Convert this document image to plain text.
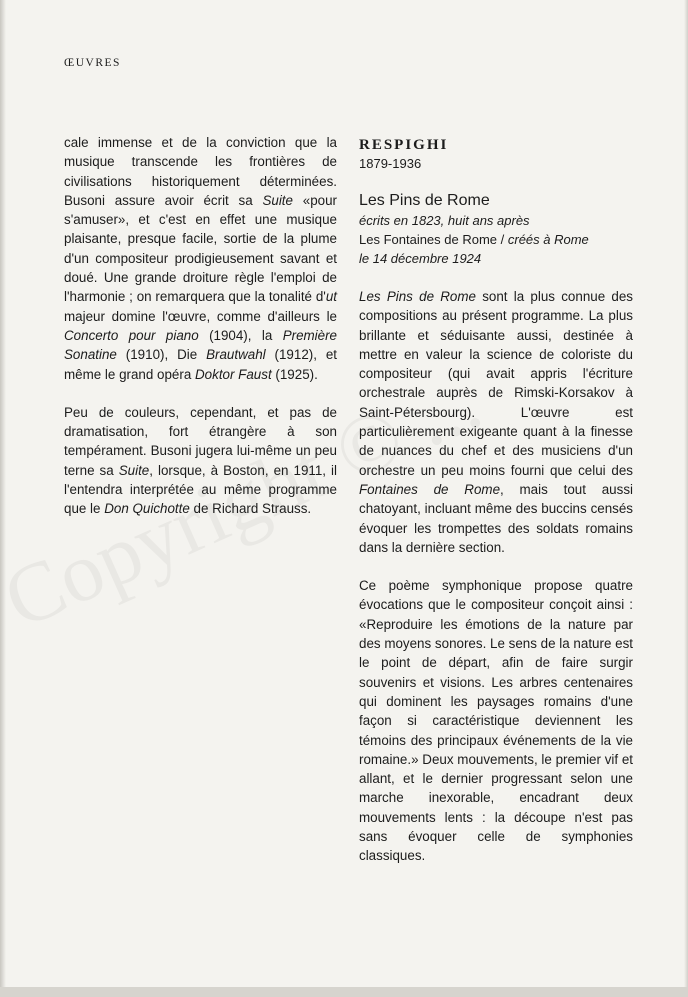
ŒUVRES

cale immense et de la conviction que la musique transcende les frontières de civilisations historiquement déterminées. Busoni assure avoir écrit sa Suite «pour s'amuser», et c'est en effet une musique plaisante, presque facile, sortie de la plume d'un compositeur prodigieusement savant et doué. Une grande droiture règle l'emploi de l'harmonie ; on remarquera que la tonalité d'ut majeur domine l'œuvre, comme d'ailleurs le Concerto pour piano (1904), la Première Sonatine (1910), Die Brautwahl (1912), et même le grand opéra Doktor Faust (1925).

Peu de couleurs, cependant, et pas de dramatisation, fort étrangère à son tempérament. Busoni jugera lui-même un peu terne sa Suite, lorsque, à Boston, en 1911, il l'entendra interprétée au même programme que le Don Quichotte de Richard Strauss.

RESPIGHI
1879-1936
Les Pins de Rome
écrits en 1823, huit ans après
Les Fontaines de Rome / créés à Rome
le 14 décembre 1924

Les Pins de Rome sont la plus connue des compositions au présent programme. La plus brillante et séduisante aussi, destinée à mettre en valeur la science de coloriste du compositeur (qui avait appris l'écriture orchestrale auprès de Rimski-Korsakov à Saint-Pétersbourg). L'œuvre est particulièrement exigeante quant à la finesse de nuances du chef et des musiciens d'un orchestre un peu moins fourni que celui des Fontaines de Rome, mais tout aussi chatoyant, incluant même des buccins censés évoquer les trompettes des soldats romains dans la dernière section.

Ce poème symphonique propose quatre évocations que le compositeur conçoit ainsi : «Reproduire les émotions de la nature par des moyens sonores. Le sens de la nature est le point de départ, afin de faire surgir souvenirs et visions. Les arbres centenaires qui dominent les paysages romains d'une façon si caractéristique deviennent les témoins des principaux événements de la vie romaine.» Deux mouvements, le premier vif et allant, et le dernier progressant selon une marche inexorable, encadrant deux mouvements lents : la découpe n'est pas sans évoquer celle de symphonies classiques.
